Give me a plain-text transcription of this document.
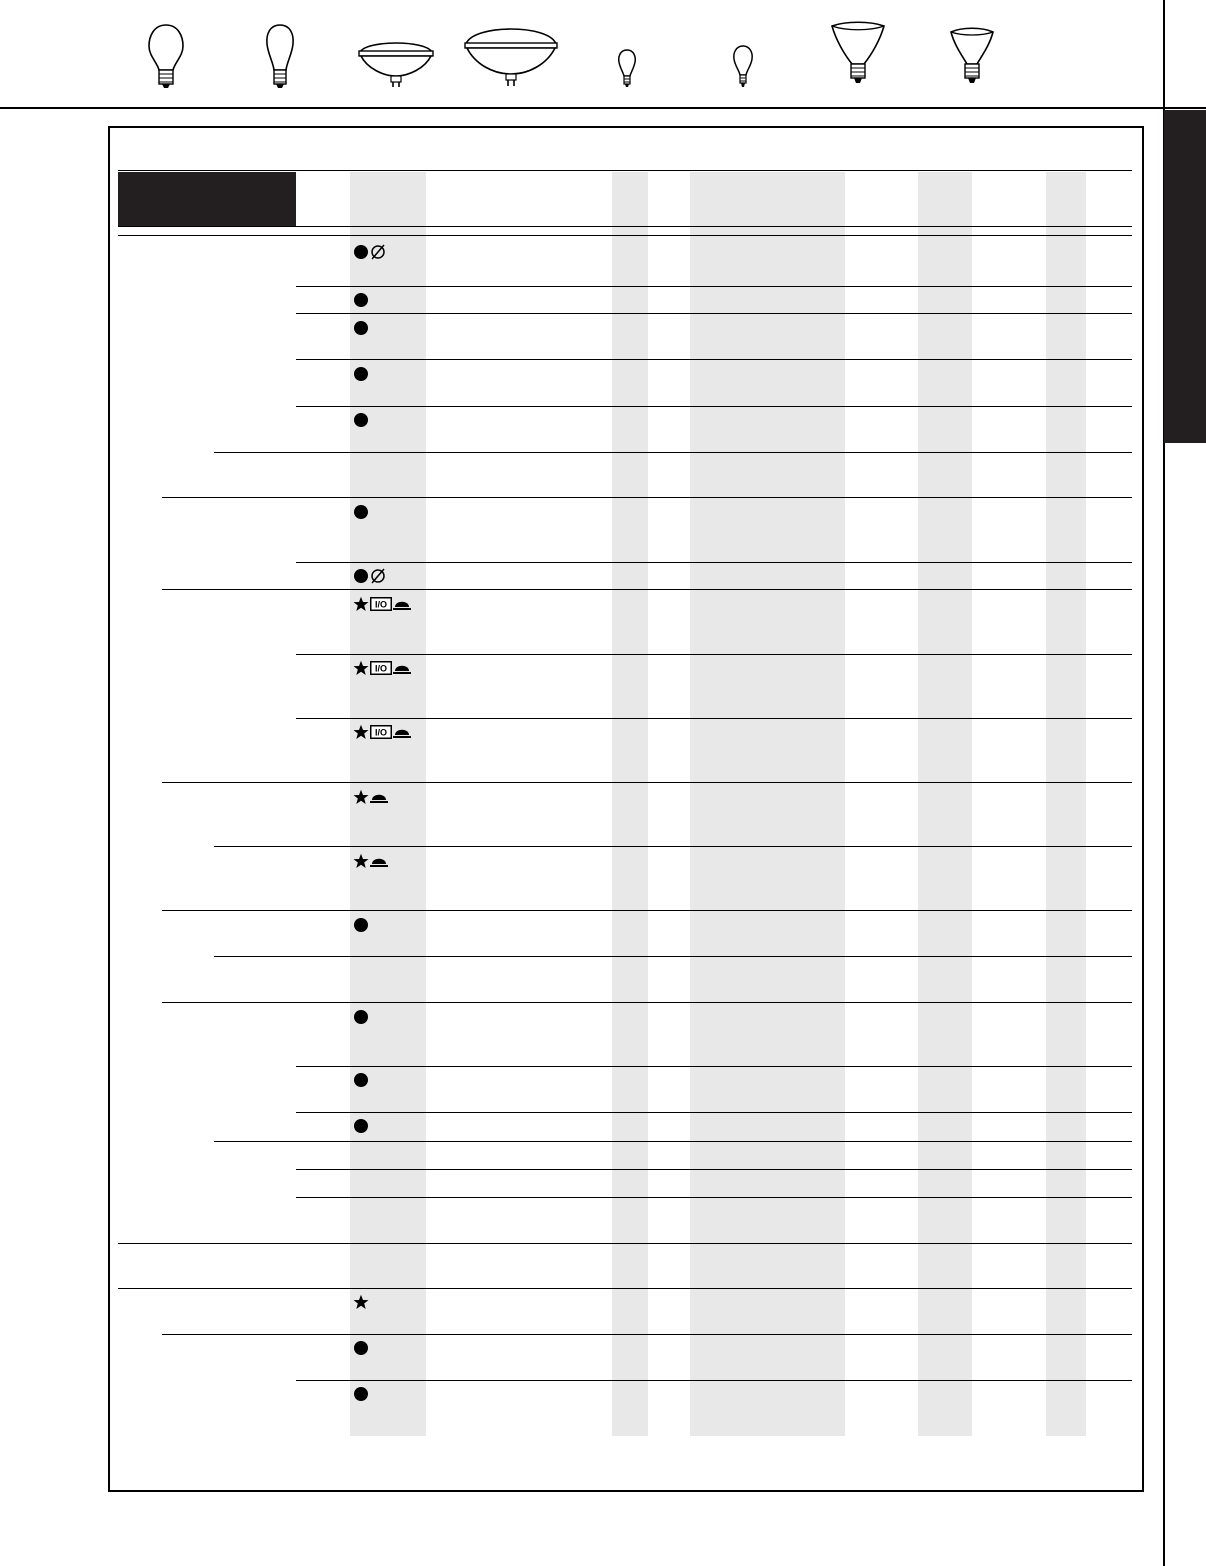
I/O
I/O
I/O
